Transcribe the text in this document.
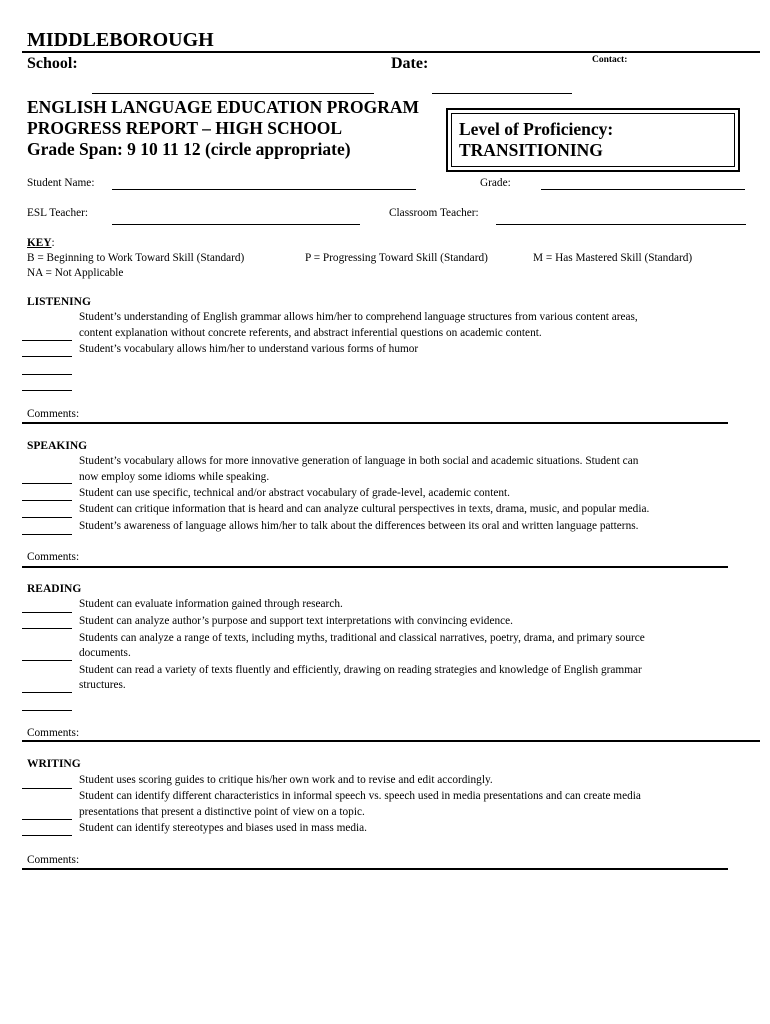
MIDDLEBOROUGH
School:	Date:	Contact:
ENGLISH LANGUAGE EDUCATION PROGRAM
PROGRESS REPORT – HIGH SCHOOL
Grade Span: 9 10 11 12 (circle appropriate)
Level of Proficiency:
TRANSITIONING
Student Name:	Grade:
ESL Teacher:	Classroom Teacher:
KEY:
B = Beginning to Work Toward Skill (Standard)	P = Progressing Toward Skill (Standard)	M = Has Mastered Skill (Standard)
NA = Not Applicable
LISTENING
Student’s understanding of English grammar allows him/her to comprehend language structures from various content areas,
content explanation without concrete referents, and abstract inferential questions on academic content.
Student’s vocabulary allows him/her to understand various forms of humor
Comments:
SPEAKING
Student’s vocabulary allows for more innovative generation of language in both social and academic situations. Student can
now employ some idioms while speaking.
Student can use specific, technical and/or abstract vocabulary of grade-level, academic content.
Student can critique information that is heard and can analyze cultural perspectives in texts, drama, music, and popular media.
Student’s awareness of language allows him/her to talk about the differences between its oral and written language patterns.
Comments:
READING
Student can evaluate information gained through research.
Student can analyze author’s purpose and support text interpretations with convincing evidence.
Students can analyze a range of texts, including myths, traditional and classical narratives, poetry, drama, and primary source
documents.
Student can read a variety of texts fluently and efficiently, drawing on reading strategies and knowledge of English grammar
structures.
Comments:
WRITING
Student uses scoring guides to critique his/her own work and to revise and edit accordingly.
Student can identify different characteristics in informal speech vs. speech used in media presentations and can create media
presentations that present a distinctive point of view on a topic.
Student can identify stereotypes and biases used in mass media.
Comments:
